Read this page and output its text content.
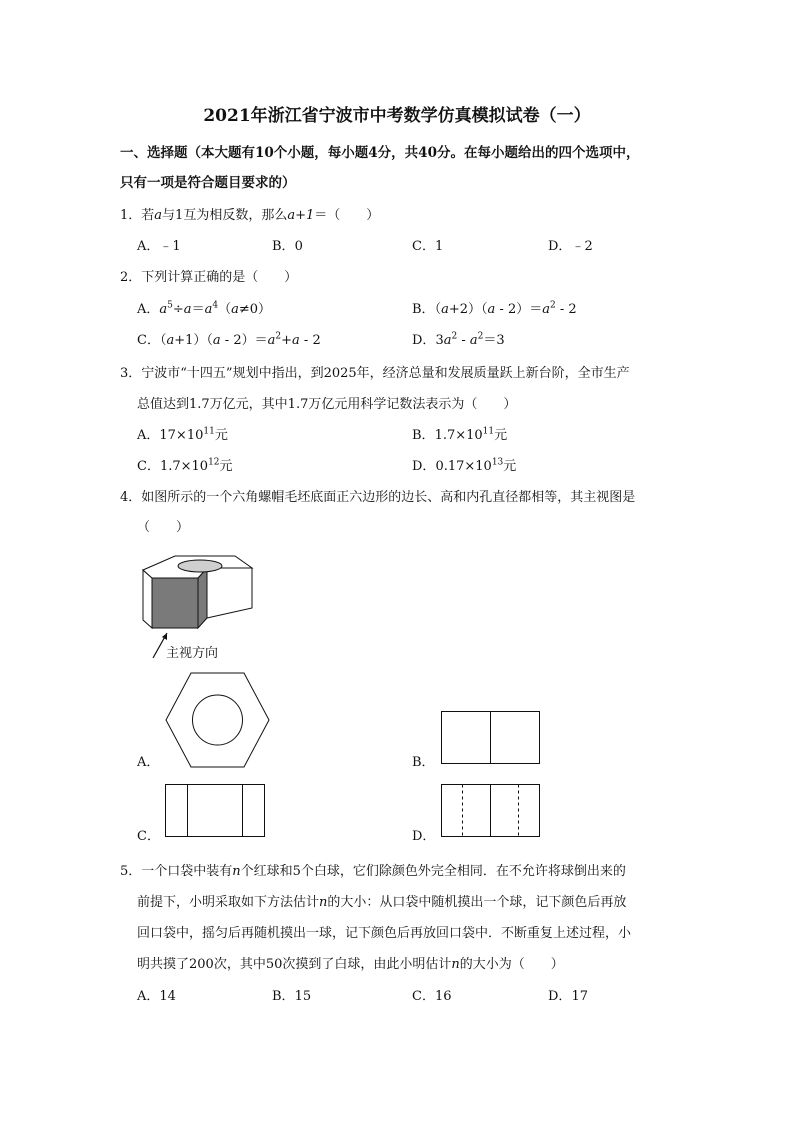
2021年浙江省宁波市中考数学仿真模拟试卷（一）
一、选择题（本大题有10个小题，每小题4分，共40分。在每小题给出的四个选项中，
只有一项是符合题目要求的）
1．若a与1互为相反数，那么a+1＝（　　）
A．﹣1	B．0	C．1	D．﹣2
2．下列计算正确的是（　　）
A．$a^5\div a=a^4(a\ne 0)$	B．$(a+2)(a - 2)=a^2 - 2$
C．$(a+1)(a - 2)=a^2+a - 2$	D．$3a^2 - a^2=3$
3．宁波市“十四五”规划中指出，到2025年，经济总量和发展质量跃上新台阶，全市生产
总值达到1.7万亿元，其中1.7万亿元用科学记数法表示为（　　）
A．$17\times 10^{11}$元	B．$1.7\times 10^{11}$元
C．$1.7\times 10^{12}$元	D．$0.17\times 10^{13}$元
4．如图所示的一个六角螺帽毛坯底面正六边形的边长、高和内孔直径都相等，其主视图是
（　　）
主视方向
A．	B．
C．	D．
5．一个口袋中装有n个红球和5个白球，它们除颜色外完全相同．在不允许将球倒出来的
前提下，小明采取如下方法估计n的大小：从口袋中随机摸出一个球，记下颜色后再放
回口袋中，摇匀后再随机摸出一球，记下颜色后再放回口袋中．不断重复上述过程，小
明共摸了200次，其中50次摸到了白球，由此小明估计n的大小为（　　）
A．14	B．15	C．16	D．17
